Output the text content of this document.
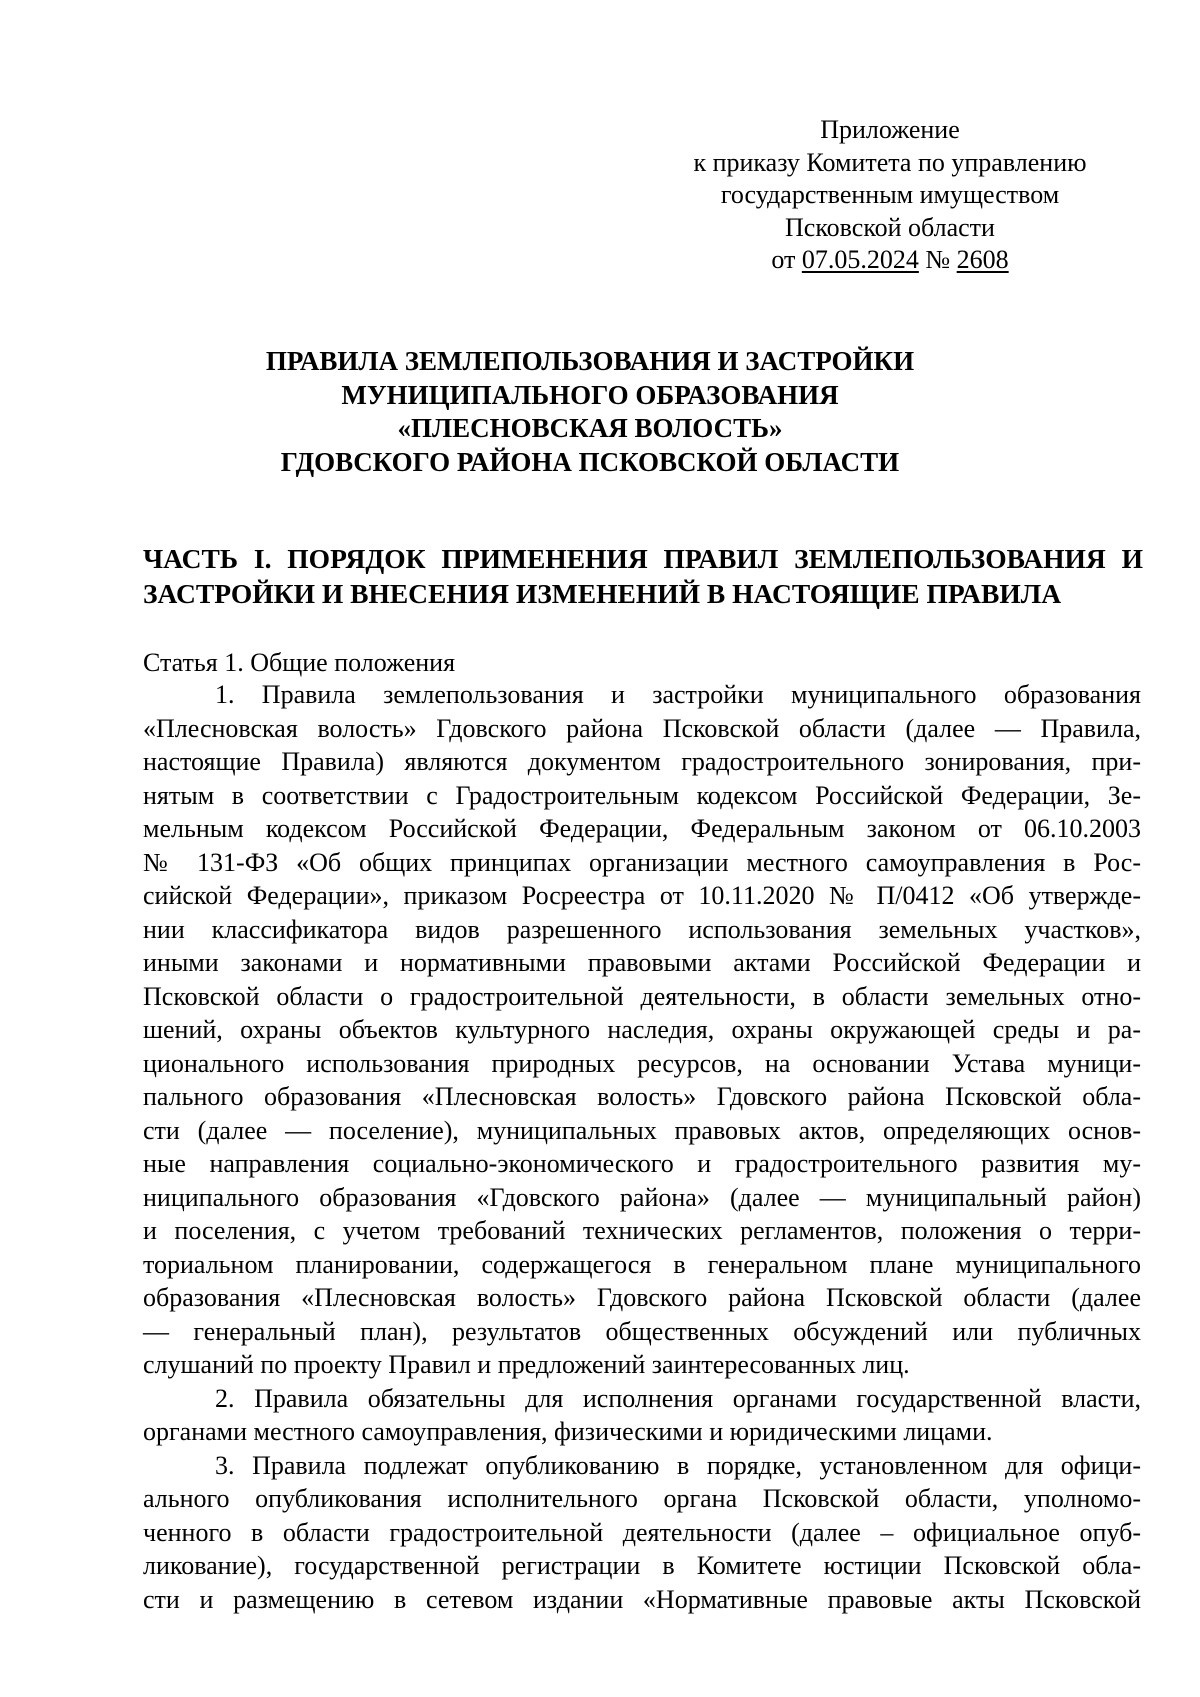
Приложение
к приказу Комитета по управлению
государственным имуществом
Псковской области
от 07.05.2024 № 2608
ПРАВИЛА ЗЕМЛЕПОЛЬЗОВАНИЯ И ЗАСТРОЙКИ
МУНИЦИПАЛЬНОГО ОБРАЗОВАНИЯ
«ПЛЕСНОВСКАЯ ВОЛОСТЬ»
ГДОВСКОГО РАЙОНА ПСКОВСКОЙ ОБЛАСТИ
ЧАСТЬ I. ПОРЯДОК ПРИМЕНЕНИЯ ПРАВИЛ ЗЕМЛЕПОЛЬЗОВАНИЯ И
ЗАСТРОЙКИ И ВНЕСЕНИЯ ИЗМЕНЕНИЙ В НАСТОЯЩИЕ ПРАВИЛА
Статья 1. Общие положения
1. Правила землепользования и застройки муниципального образования
«Плесновская волость» Гдовского района Псковской области (далее — Правила,
настоящие Правила) являются документом градостроительного зонирования, при-
нятым в соответствии с Градостроительным кодексом Российской Федерации, Зе-
мельным кодексом Российской Федерации, Федеральным законом от 06.10.2003
№ 131-ФЗ «Об общих принципах организации местного самоуправления в Рос-
сийской Федерации», приказом Росреестра от 10.11.2020 № П/0412 «Об утвержде-
нии классификатора видов разрешенного использования земельных участков»,
иными законами и нормативными правовыми актами Российской Федерации и
Псковской области о градостроительной деятельности, в области земельных отно-
шений, охраны объектов культурного наследия, охраны окружающей среды и ра-
ционального использования природных ресурсов, на основании Устава муници-
пального образования «Плесновская волость» Гдовского района Псковской обла-
сти (далее — поселение), муниципальных правовых актов, определяющих основ-
ные направления социально-экономического и градостроительного развития му-
ниципального образования «Гдовского района» (далее — муниципальный район)
и поселения, с учетом требований технических регламентов, положения о терри-
ториальном планировании, содержащегося в генеральном плане муниципального
образования «Плесновская волость» Гдовского района Псковской области (далее
— генеральный план), результатов общественных обсуждений или публичных
слушаний по проекту Правил и предложений заинтересованных лиц.
2. Правила обязательны для исполнения органами государственной власти,
органами местного самоуправления, физическими и юридическими лицами.
3. Правила подлежат опубликованию в порядке, установленном для офици-
ального опубликования исполнительного органа Псковской области, уполномо-
ченного в области градостроительной деятельности (далее – официальное опуб-
ликование), государственной регистрации в Комитете юстиции Псковской обла-
сти и размещению в сетевом издании «Нормативные правовые акты Псковской
